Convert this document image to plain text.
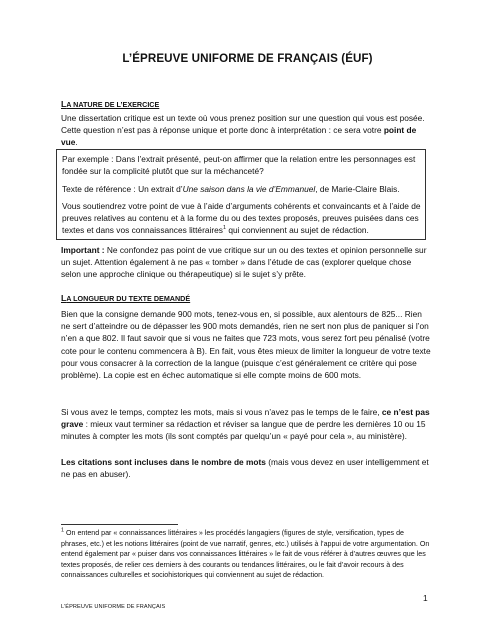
L’ÉPREUVE UNIFORME DE FRANÇAIS (ÉUF)
LA NATURE DE L’EXERCICE
Une dissertation critique est un texte où vous prenez position sur une question qui vous est posée. Cette question n’est pas à réponse unique et porte donc à interprétation : ce sera votre point de vue.
Par exemple : Dans l’extrait présenté, peut-on affirmer que la relation entre les personnages est fondée sur la complicité plutôt que sur la méchanceté?
Texte de référence : Un extrait d’Une saison dans la vie d’Emmanuel, de Marie-Claire Blais.
Vous soutiendrez votre point de vue à l’aide d’arguments cohérents et convaincants et à l’aide de preuves relatives au contenu et à la forme du ou des textes proposés, preuves puisées dans ces textes et dans vos connaissances littéraires$^1$ qui conviennent au sujet de rédaction.
Important : Ne confondez pas point de vue critique sur un ou des textes et opinion personnelle sur un sujet. Attention également à ne pas « tomber » dans l’étude de cas (explorer quelque chose selon une approche clinique ou thérapeutique) si le sujet s’y prête.
LA LONGUEUR DU TEXTE DEMANDÉ
Bien que la consigne demande 900 mots, tenez-vous en, si possible, aux alentours de 825... Rien ne sert d’atteindre ou de dépasser les 900 mots demandés, rien ne sert non plus de paniquer si l’on n’en a que 802. Il faut savoir que si vous ne faites que 723 mots, vous serez fort peu pénalisé (votre cote pour le contenu commencera à B). En fait, vous êtes mieux de limiter la longueur de votre texte pour vous consacrer à la correction de la langue (puisque c’est généralement ce critère qui pose problème). La copie est en échec automatique si elle compte moins de 600 mots.
Si vous avez le temps, comptez les mots, mais si vous n’avez pas le temps de le faire, ce n’est pas grave : mieux vaut terminer sa rédaction et réviser sa langue que de perdre les dernières 10 ou 15 minutes à compter les mots (ils sont comptés par quelqu’un « payé pour cela », au ministère).
Les citations sont incluses dans le nombre de mots (mais vous devez en user intelligemment et ne pas en abuser).
$^1$ On entend par « connaissances littéraires » les procédés langagiers (figures de style, versification, types de phrases, etc.) et les notions littéraires (point de vue narratif, genres, etc.) utilisés à l’appui de votre argumentation. On entend également par « puiser dans vos connaissances littéraires » le fait de vous référer à d’autres œuvres que les textes proposés, de relier ces derniers à des courants ou tendances littéraires, ou le fait d’avoir recours à des connaissances culturelles et sociohistoriques qui conviennent au sujet de rédaction.
1
L’ÉPREUVE UNIFORME DE FRANÇAIS
